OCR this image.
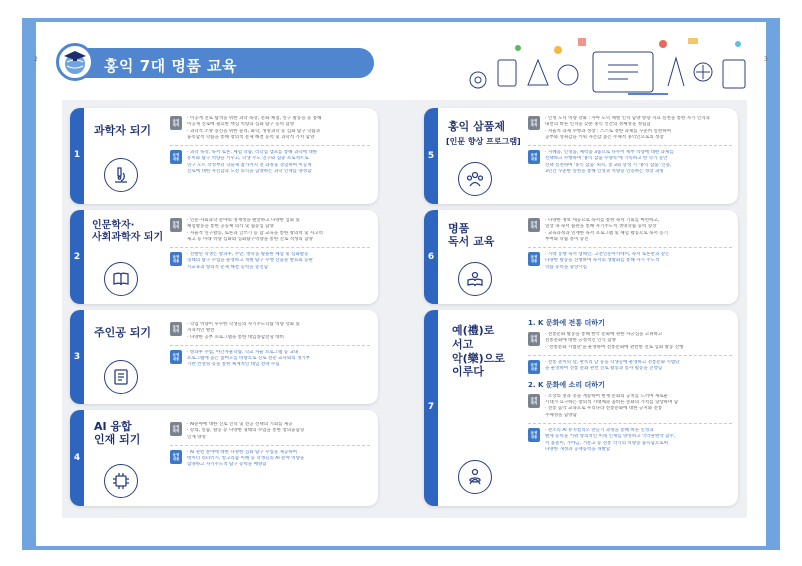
2	3
홍익 7대 명품 교육
1
과학자 되기
운영
목적
· 이공계 진로 탐색을 위한 과학 독강, 문화 체험, 연구 활동을 등 통해
이공계 진로에 필요한 핵심 역량과 심화 탐구 능력 함양
· 과학적 소양 증진을 위한 물리, 화학, 생명과학 등 심화 탐구 학습과
융복합적 학습을 통해 창의적 문제 해결 능력 및 과학적 가치 함양
운영
내용
· 과학 독강, 독서 토론, 체험 학습, 리더십 캠프를 통해 과학에 대한
흥미와 탐구 역량을 키우고, 학생 주도 연구와 집중 프로젝트로
연구 노트 작성부터 학술제 참가까지 전 과정을 경험하며 이공계
진로에 대한 자신감과 도전 의식을 함양하는 과학 인재를 양성함
2
인문학자·
사회과학자 되기
운영
목적
· 인문·사회과학 분야의 영재성을 발굴하고 다양한 심화 및
체험활동을 통한 공동체 의식 및 협동심 함양
· 자율적 연구활동, 토론과 글쓰기 등 합 교육을 통한 창의력 및 사고력
제고 등 미래 역량 심화와 심화탐구역량을 통한 진로 적성의 함양
운영
내용
· 선발된 학생은 방과후, 주말, 방학을 활용한 체험 및 심화활동
형태의 탐구 수업을 운영하고 개별 탐구 수행 산출물 발표회 등판
시교육과 창의적 문제 해결 능력을 증진함
3
주인공 되기	운영
목적
· 학업 역량이 우수한 학생들의 자기주도학습 역량 강화 및
지속적인 발전
· 다양한 공부 프로그램을 통한 대입종합전형 대비
운영
내용
· 방과후 수업, 야간자율학습, 학교 자율 프로그램 등 교내
프로그램에 높은 참여도를 바탕으로 진로 전문 교사와의 생기부
기반 컨설팅 등을 통한 체계적인 대입 전략 수립
4
AI 융합
인재 되기
운영
목적
· AI분야에 대한 진로 진학 및 전공 선택의 기회를 제공
· 강의, 실습, 활동 등 다양한 형태의 수업을 통한 창의융합형
인재 양성
운영
내용
· AI 관련 분야에 대한 다양한 심화 탐구 수업을 제공하여
데이터 리터러시, 알고리즘 이해 등 학생들의 AI 분야 역량을
함양하고 자기주도적 탐구 능력을 배양함
5
홍익 삼품제
[인문 향상 프로그램]
운영
목적
· 인성 도덕 역량 강화 : 자아 도덕 체벌 인격 함양 방향 지표 실천을 통한 자기 인격과
내면의 바른 인격을 갖춘 홍익 인간의 정체성을 정립함
· 자율적 과제 수행과 성장 : 스스로 정한 과제를 꾸준히 실천하며
공부와 성취감을 키워 자존감 높은 주체적 홍익인으로의 성장
운영
내용
· 지혜품, 인성품, 체력품 3품으로 나누어 세부 역량에 대한 과제를
선택하고 수행하며 '홍익 삼품 수양록'에 기록하고 한 학기 동안
선택 실천하며 '홍익 삼품' 획득, 총 3회 달성 시 '홍익 삼품' 인증,
3년간 꾸준한 실천을 통해 인성과 역량을 인증하는 성장 과정
6
명품
독서 교육
운영
목적
· 다양한 정보 세공으로 독서를 통한 독서 기회를 마련하고,
일상 속 독서 습관을 통해 자기주도적 생명학습 능력 향상
· 교육과정과 연계한 독서 프로그램 및 체험 활동으로 독서 동기
부여와 학습 흥미 증진
운영
내용
· 시대 동행 독서 캠페인, 고전인문아카데미, 독서 토론반과 같은
다양한 활동을 진행하며 독서의 생활화를 통해 자기 주도적
학습 능력을 향상시킴
7
예(禮)로
서고
악(樂)으로
이루다
1. K 문화에 전통 더하기
운영
목적
· 전통문화 활동을 통해 한국 문화에 관한 자긍심을 고취하고
전통문화에 대한 긍정적인 인식 함양
· '전통문화 시범단'을 운영하여 전통문화에 관련한 진로 심화 활동 진행
운영
내용
· 전통 놀이의 날, 판록리 날 등을 학생들에 운영하고 전통문화 시범단
을 운영하여 전통 문화 관련 진로 활동과 봉사 활동을 진행함
2. K 문화에 소리 더하기
운영
목적
· 조상의 멋과 흥을 계승하여 현재 문화의 공치를 느끼며 새로운
시대가 요구하는 창의적 시대체과 품바른 문화의 가치를 향상하며 함
· 전통 음악 교육으로 우리나라 전통문화에 대한 긍지와 전통
주체성을 함양함
운영
내용
· 관소리 AI 뮤지컬리오 만들기 과정을 통해 바른 인성과
발제 능력을 키워 창의적인 미래 인재를 양성하고 국악관현악 합주,
서 불놀이, 가야금, 거문고 등 전통 악기의 역량을 습득함으로써
다양한 개성과 공재능력을 개발함
